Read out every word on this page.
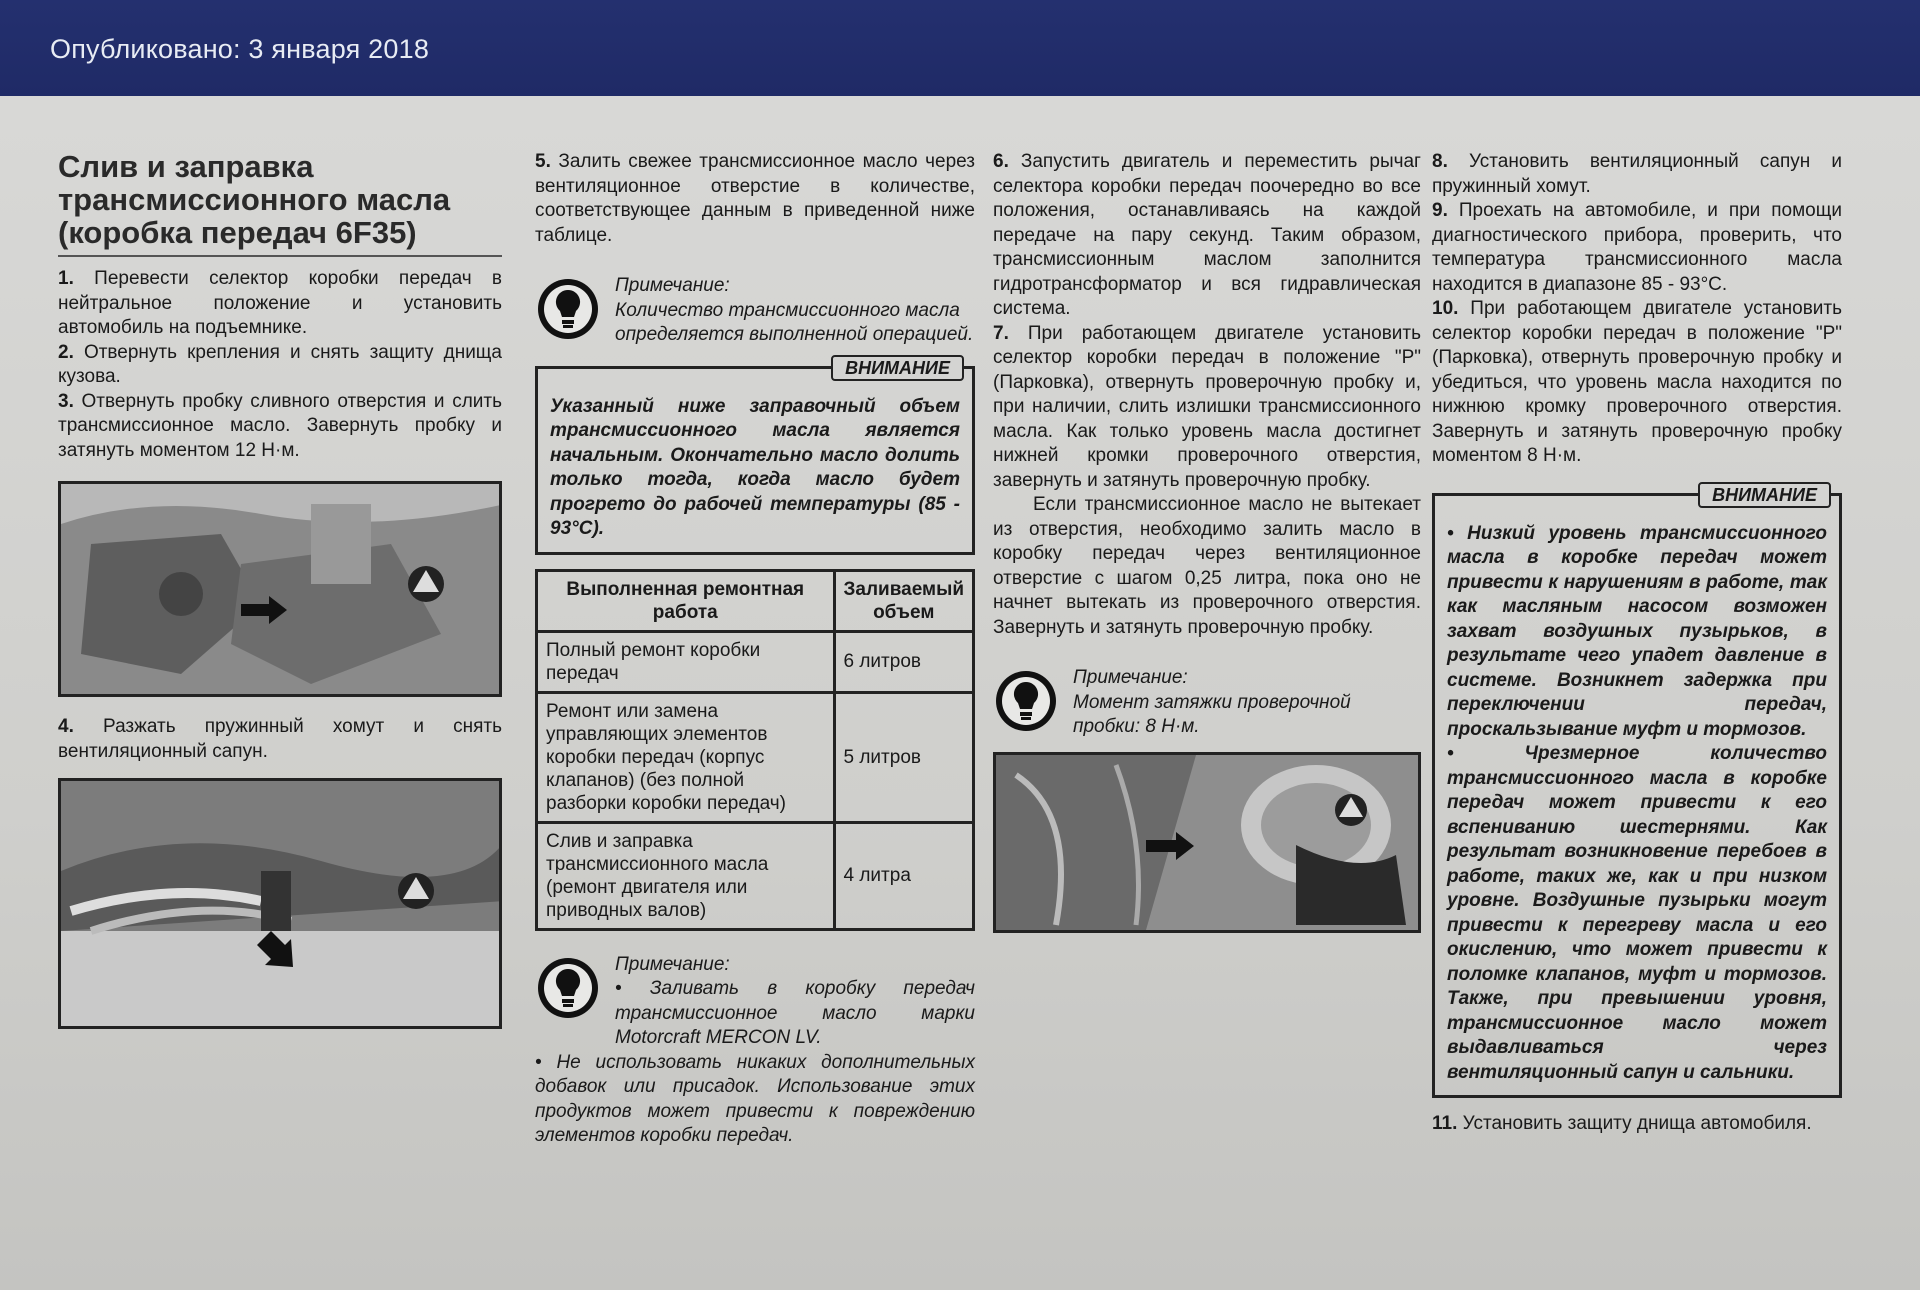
Опубликовано: 3 января 2018
Слив и заправка трансмиссионного масла (коробка передач 6F35)

1. Перевести селектор коробки передач в нейтральное положение и установить автомобиль на подъемнике.

2. Отвернуть крепления и снять защиту днища кузова.

3. Отвернуть пробку сливного отверстия и слить трансмиссионное масло. Завернуть пробку и затянуть моментом 12 Н·м.

4. Разжать пружинный хомут и снять вентиляционный сапун.

5. Залить свежее трансмиссионное масло через вентиляционное отверстие в количестве, соответствующее данным в приведенной ниже таблице.

Примечание:
Количество трансмиссионного масла определяется выполненной операцией.
ВНИМАНИЕ

Указанный ниже заправочный объем трансмиссионного масла является начальным. Окончательно масло долить только тогда, когда масло будет прогрето до рабочей температуры (85 - 93°С).

Выполненная ремонтная работа	Заливаемый объем
Полный ремонт коробки передач	6 литров
Ремонт или замена управляющих элементов коробки передач (корпус клапанов) (без полной разборки коробки передач)	5 литров
Слив и заправка трансмиссионного масла (ремонт двигателя или приводных валов)	4 литра
Примечание:

• Заливать в коробку передач трансмиссионное масло марки Motorcraft MERCON LV.

• Не использовать никаких дополнительных добавок или присадок. Использование этих продуктов может привести к повреждению элементов коробки передач.

6. Запустить двигатель и переместить рычаг селектора коробки передач поочередно во все положения, останавливаясь на каждой передаче на пару секунд. Таким образом, трансмиссионным маслом заполнится гидротрансформатор и вся гидравлическая система.

7. При работающем двигателе установить селектор коробки передач в положение "P" (Парковка), отвернуть проверочную пробку и, при наличии, слить излишки трансмиссионного масла. Как только уровень масла достигнет нижней кромки проверочного отверстия, завернуть и затянуть проверочную пробку.

Если трансмиссионное масло не вытекает из отверстия, необходимо залить масло в коробку передач через вентиляционное отверстие с шагом 0,25 литра, пока оно не начнет вытекать из проверочного отверстия. Завернуть и затянуть проверочную пробку.

Примечание:
Момент затяжки проверочной пробки: 8 Н·м.

8. Установить вентиляционный сапун и пружинный хомут.

9. Проехать на автомобиле, и при помощи диагностического прибора, проверить, что температура трансмиссионного масла находится в диапазоне 85 - 93°С.

10. При работающем двигателе установить селектор коробки передач в положение "P" (Парковка), отвернуть проверочную пробку и убедиться, что уровень масла находится по нижнюю кромку проверочного отверстия. Завернуть и затянуть проверочную пробку моментом 8 Н·м.

ВНИМАНИЕ

• Низкий уровень трансмиссионного масла в коробке передач может привести к нарушениям в работе, так как масляным насосом возможен захват воздушных пузырьков, в результате чего упадет давление в системе. Возникнет задержка при переключении передач, проскальзывание муфт и тормозов.

• Чрезмерное количество трансмиссионного масла в коробке передач может привести к его вспениванию шестернями. Как результат возникновение перебоев в работе, таких же, как и при низком уровне. Воздушные пузырьки могут привести к перегреву масла и его окислению, что может привести к поломке клапанов, муфт и тормозов. Также, при превышении уровня, трансмиссионное масло может выдавливаться через вентиляционный сапун и сальники.

11. Установить защиту днища автомобиля.
